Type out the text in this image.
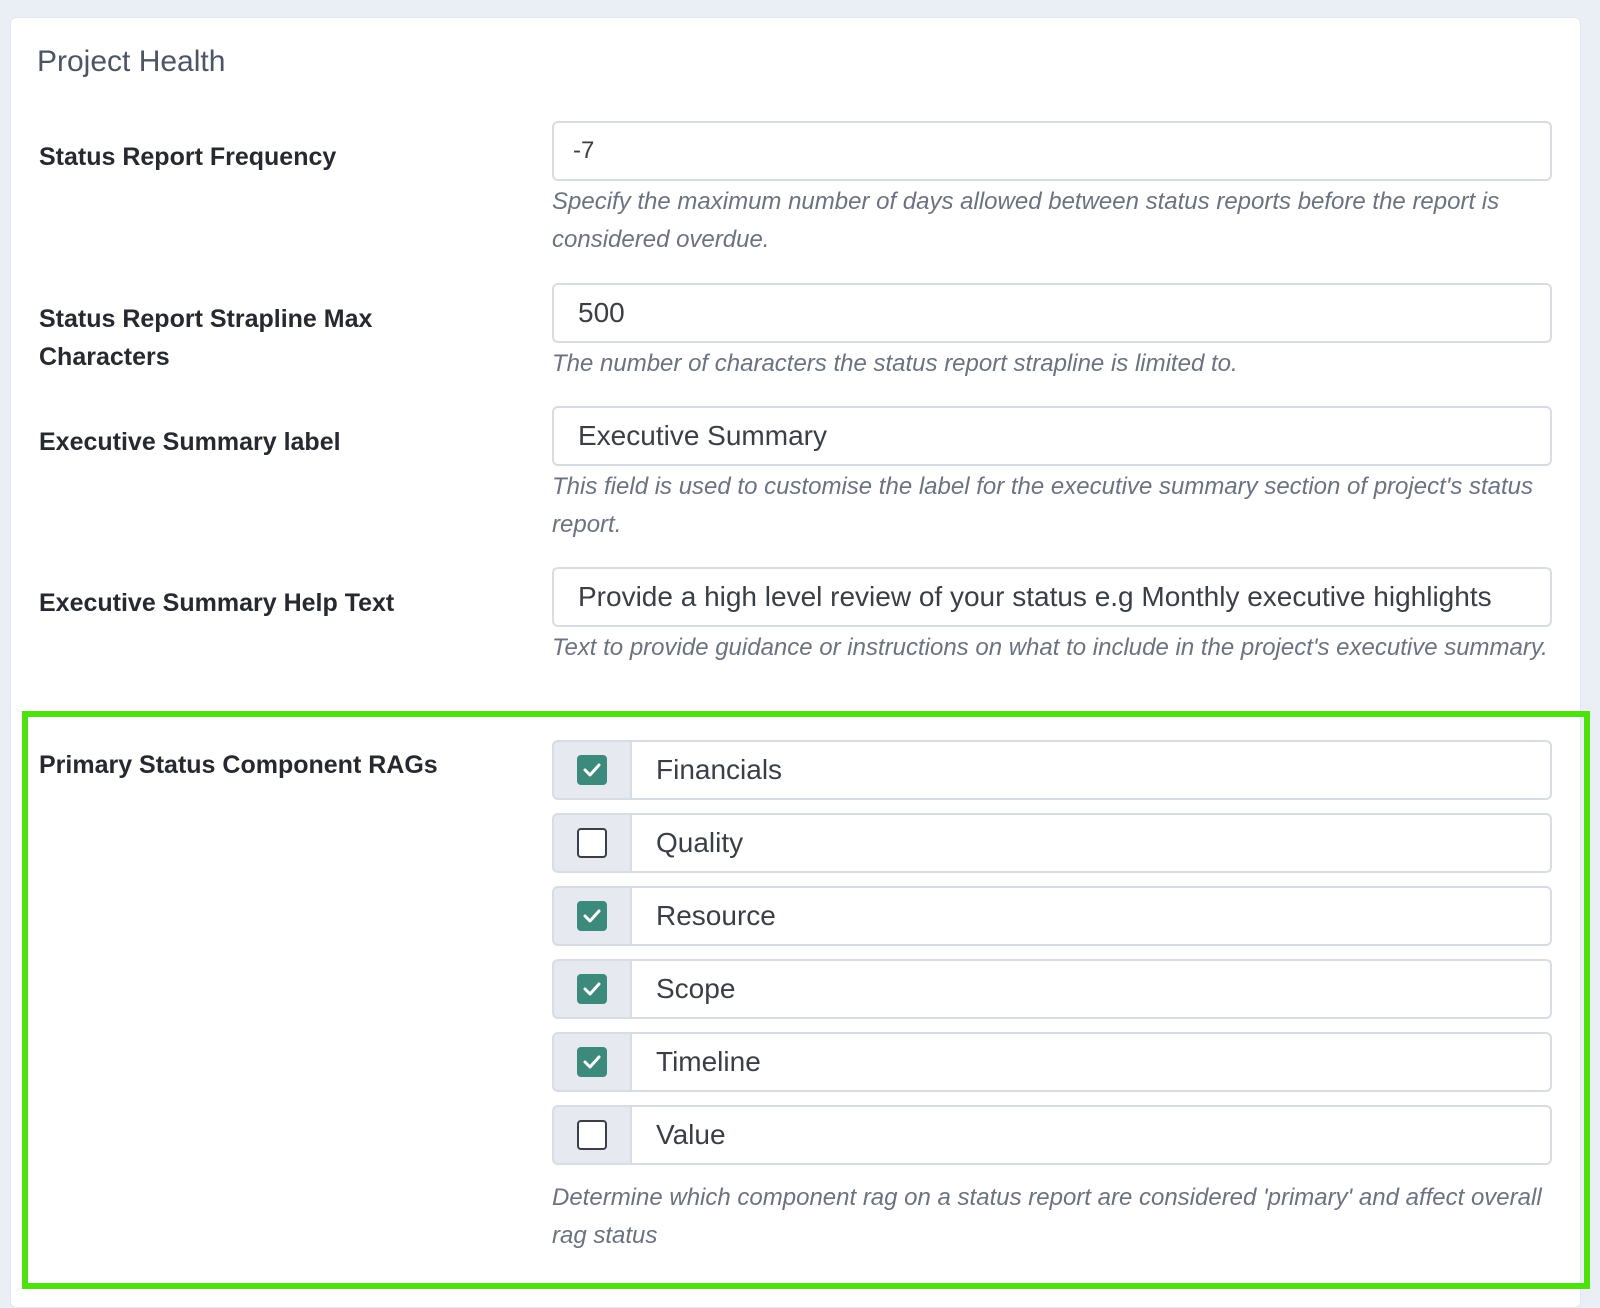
Project Health

Status Report Frequency

-7

Specify the maximum number of days allowed between status reports before the report is considered overdue.

Status Report Strapline Max Characters

500	The number of characters the status report strapline is limited to.

Executive Summary label

Executive Summary

This field is used to customise the label for the executive summary section of project's status report.

Executive Summary Help Text

Provide a high level review of your status e.g Monthly executive highlights

Text to provide guidance or instructions on what to include in the project's executive summary.

Primary Status Component RAGs	Financials
Quality
Resource
Scope
Timeline
Value

Determine which component rag on a status report are considered 'primary' and affect overall rag status
